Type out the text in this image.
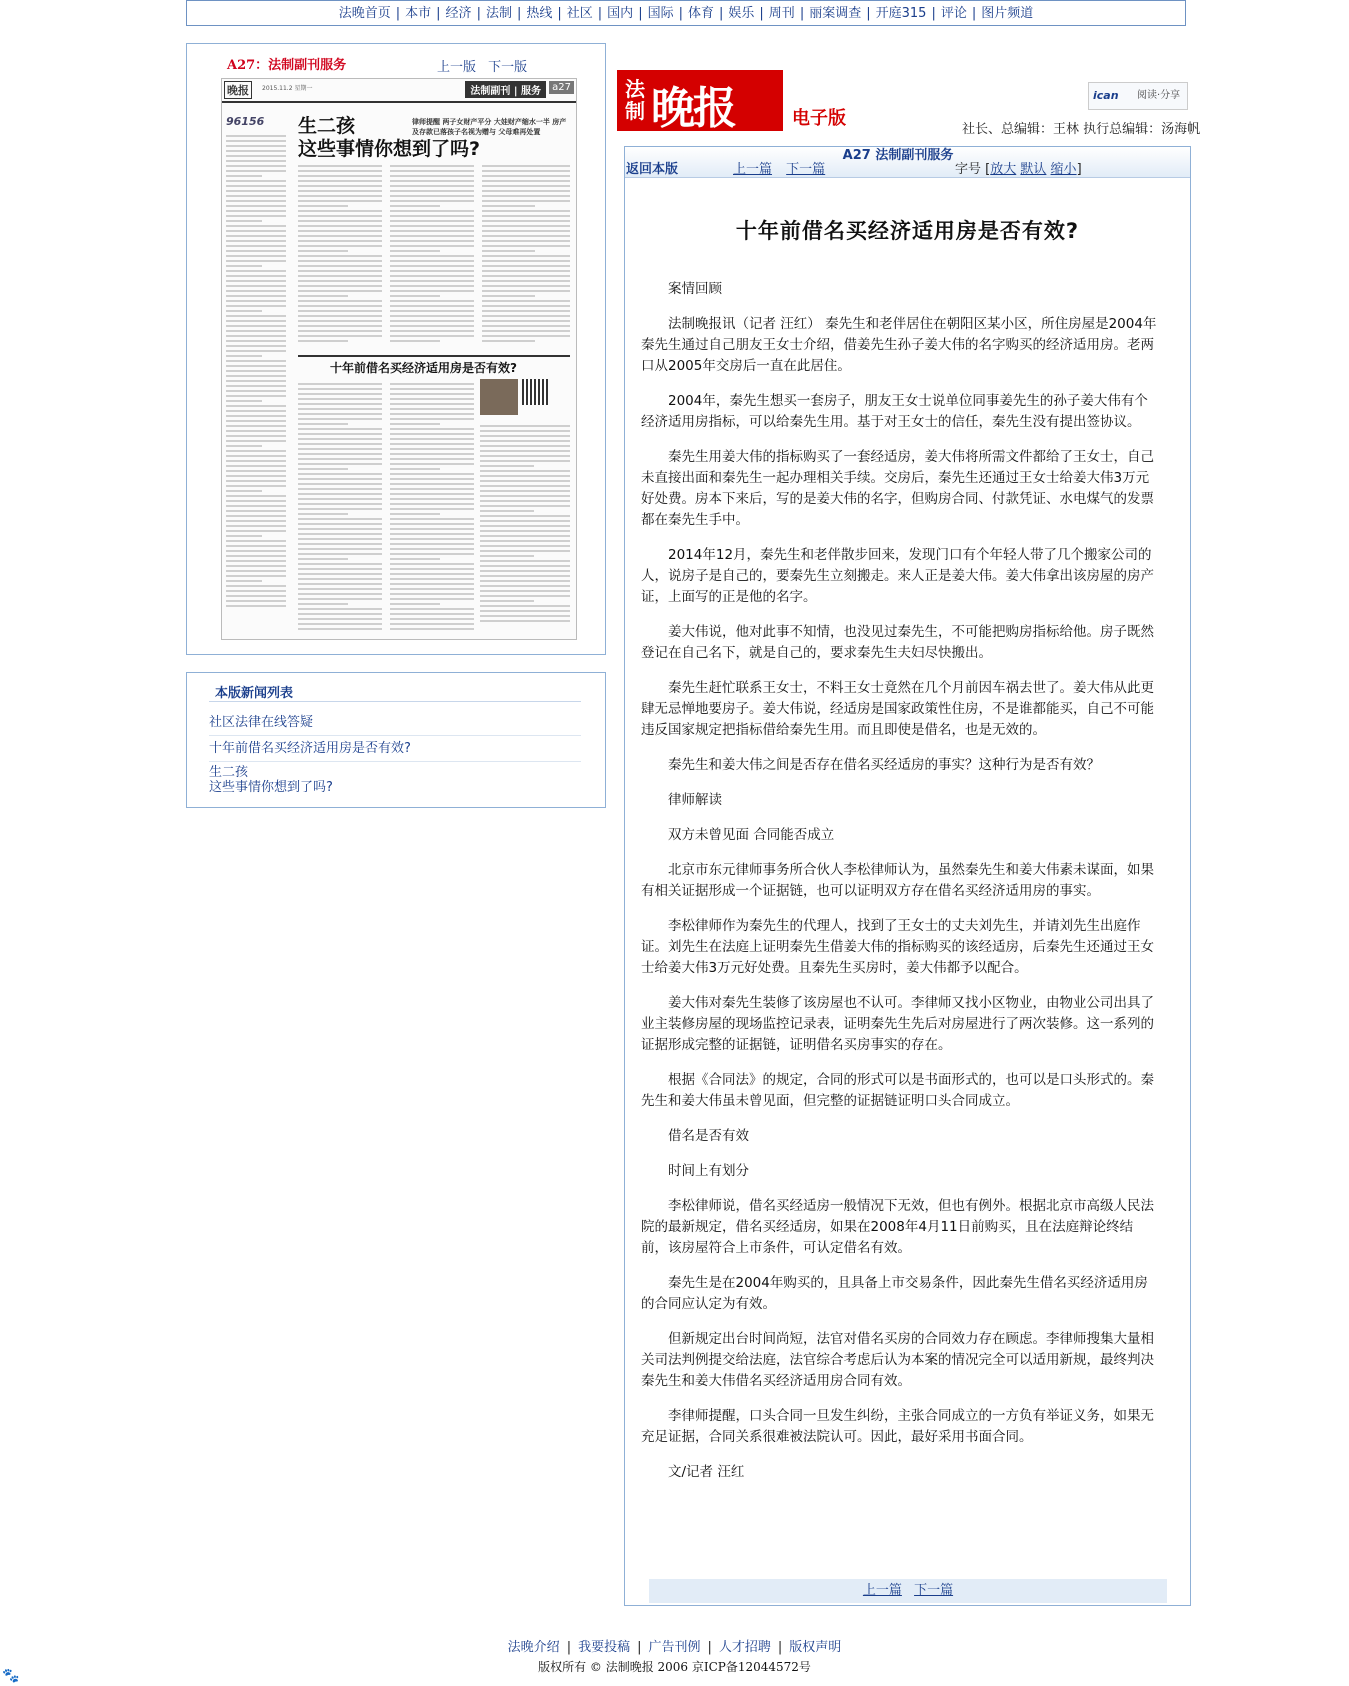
法晚首页 | 本市 | 经济 | 法制 | 热线 | 社区 | 国内 | 国际 | 体育 | 娱乐 | 周刊 | 丽案调查 | 开庭315 | 评论 | 图片频道
A27：法制副刊服务	上一版 下一版
晚报	2015.11.2 星期一	法制副刊 | 服务	a27
96156	生二孩
这些事情你想到了吗?
律师提醒 两子女财产平分 大娃财产缩水一半 房产及存款已落孩子名视为赠与 父母难再处置
十年前借名买经济适用房是否有效?
本版新闻列表
社区法律在线答疑
十年前借名买经济适用房是否有效?
生二孩
这些事情你想到了吗?
法制 晚报	电子版
ican 阅读·分享
社长、总编辑：王林 执行总编辑：汤海帆
返回本版	上一篇 下一篇
A27 法制副刊服务
字号 [放大 默认 缩小]
十年前借名买经济适用房是否有效?

案情回顾

法制晚报讯（记者 汪红） 秦先生和老伴居住在朝阳区某小区，所住房屋是2004年秦先生通过自己朋友王女士介绍，借姜先生孙子姜大伟的名字购买的经济适用房。老两口从2005年交房后一直在此居住。

2004年，秦先生想买一套房子，朋友王女士说单位同事姜先生的孙子姜大伟有个经济适用房指标，可以给秦先生用。基于对王女士的信任，秦先生没有提出签协议。

秦先生用姜大伟的指标购买了一套经适房，姜大伟将所需文件都给了王女士，自己未直接出面和秦先生一起办理相关手续。交房后，秦先生还通过王女士给姜大伟3万元好处费。房本下来后，写的是姜大伟的名字，但购房合同、付款凭证、水电煤气的发票都在秦先生手中。

2014年12月，秦先生和老伴散步回来，发现门口有个年轻人带了几个搬家公司的人，说房子是自己的，要秦先生立刻搬走。来人正是姜大伟。姜大伟拿出该房屋的房产证，上面写的正是他的名字。

姜大伟说，他对此事不知情，也没见过秦先生，不可能把购房指标给他。房子既然登记在自己名下，就是自己的，要求秦先生夫妇尽快搬出。

秦先生赶忙联系王女士，不料王女士竟然在几个月前因车祸去世了。姜大伟从此更肆无忌惮地要房子。姜大伟说，经适房是国家政策性住房，不是谁都能买，自己不可能违反国家规定把指标借给秦先生用。而且即使是借名，也是无效的。

秦先生和姜大伟之间是否存在借名买经适房的事实？这种行为是否有效？

律师解读

双方未曾见面 合同能否成立

北京市东元律师事务所合伙人李松律师认为，虽然秦先生和姜大伟素未谋面，如果有相关证据形成一个证据链，也可以证明双方存在借名买经济适用房的事实。

李松律师作为秦先生的代理人，找到了王女士的丈夫刘先生，并请刘先生出庭作证。刘先生在法庭上证明秦先生借姜大伟的指标购买的该经适房，后秦先生还通过王女士给姜大伟3万元好处费。且秦先生买房时，姜大伟都予以配合。

姜大伟对秦先生装修了该房屋也不认可。李律师又找小区物业，由物业公司出具了业主装修房屋的现场监控记录表，证明秦先生先后对房屋进行了两次装修。这一系列的证据形成完整的证据链，证明借名买房事实的存在。

根据《合同法》的规定，合同的形式可以是书面形式的，也可以是口头形式的。秦先生和姜大伟虽未曾见面，但完整的证据链证明口头合同成立。

借名是否有效

时间上有划分

李松律师说，借名买经适房一般情况下无效，但也有例外。根据北京市高级人民法院的最新规定，借名买经适房，如果在2008年4月11日前购买，且在法庭辩论终结前，该房屋符合上市条件，可认定借名有效。

秦先生是在2004年购买的，且具备上市交易条件，因此秦先生借名买经济适用房的合同应认定为有效。

但新规定出台时间尚短，法官对借名买房的合同效力存在顾虑。李律师搜集大量相关司法判例提交给法庭，法官综合考虑后认为本案的情况完全可以适用新规，最终判决秦先生和姜大伟借名买经济适用房合同有效。

李律师提醒，口头合同一旦发生纠纷，主张合同成立的一方负有举证义务，如果无充足证据，合同关系很难被法院认可。因此，最好采用书面合同。

文/记者 汪红

上一篇 下一篇
法晚介绍 | 我要投稿 | 广告刊例 | 人才招聘 | 版权声明
版权所有 © 法制晚报 2006 京ICP备12044572号
🐾
